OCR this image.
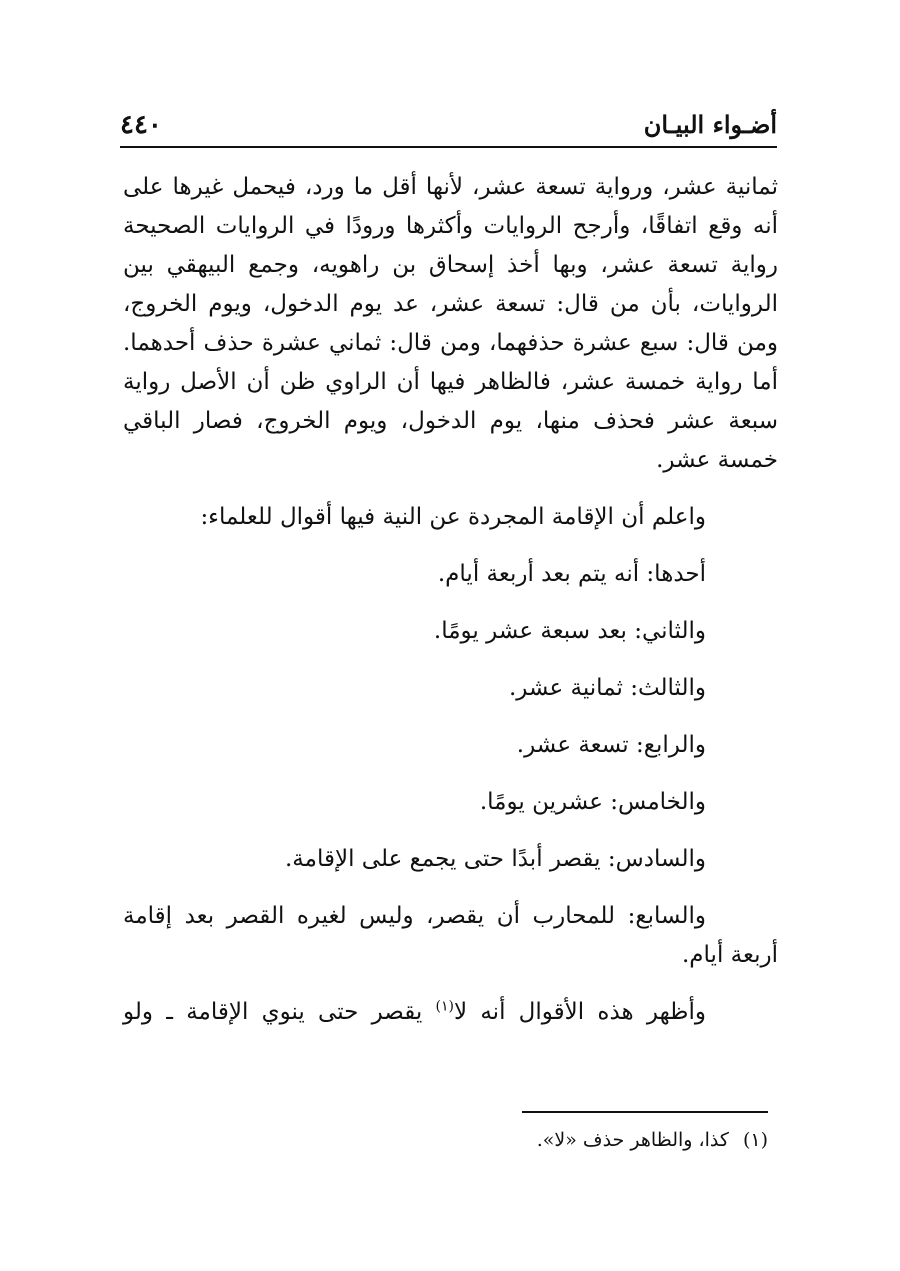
أضـواء البيـان
٤٤٠

ثمانية عشر، ورواية تسعة عشر، لأنها أقل ما ورد، فيحمل غيرها على أنه وقع اتفاقًا، وأرجح الروايات وأكثرها ورودًا في الروايات الصحيحة رواية تسعة عشر، وبها أخذ إسحاق بن راهويه، وجمع البيهقي بين الروايات، بأن من قال: تسعة عشر، عد يوم الدخول، ويوم الخروج، ومن قال: سبع عشرة حذفهما، ومن قال: ثماني عشرة حذف أحدهما. أما رواية خمسة عشر، فالظاهر فيها أن الراوي ظن أن الأصل رواية سبعة عشر فحذف منها، يوم الدخول، ويوم الخروج، فصار الباقي خمسة عشر.

واعلم أن الإقامة المجردة عن النية فيها أقوال للعلماء:

أحدها: أنه يتم بعد أربعة أيام.

والثاني: بعد سبعة عشر يومًا.

والثالث: ثمانية عشر.

والرابع: تسعة عشر.

والخامس: عشرين يومًا.

والسادس: يقصر أبدًا حتى يجمع على الإقامة.

والسابع: للمحارب أن يقصر، وليس لغيره القصر بعد إقامة أربعة أيام.

وأظهر هذه الأقوال أنه لا$^{(١)}$ يقصر حتى ينوي الإقامة ـ ولو

(١)كذا، والظاهر حذف «لا».
